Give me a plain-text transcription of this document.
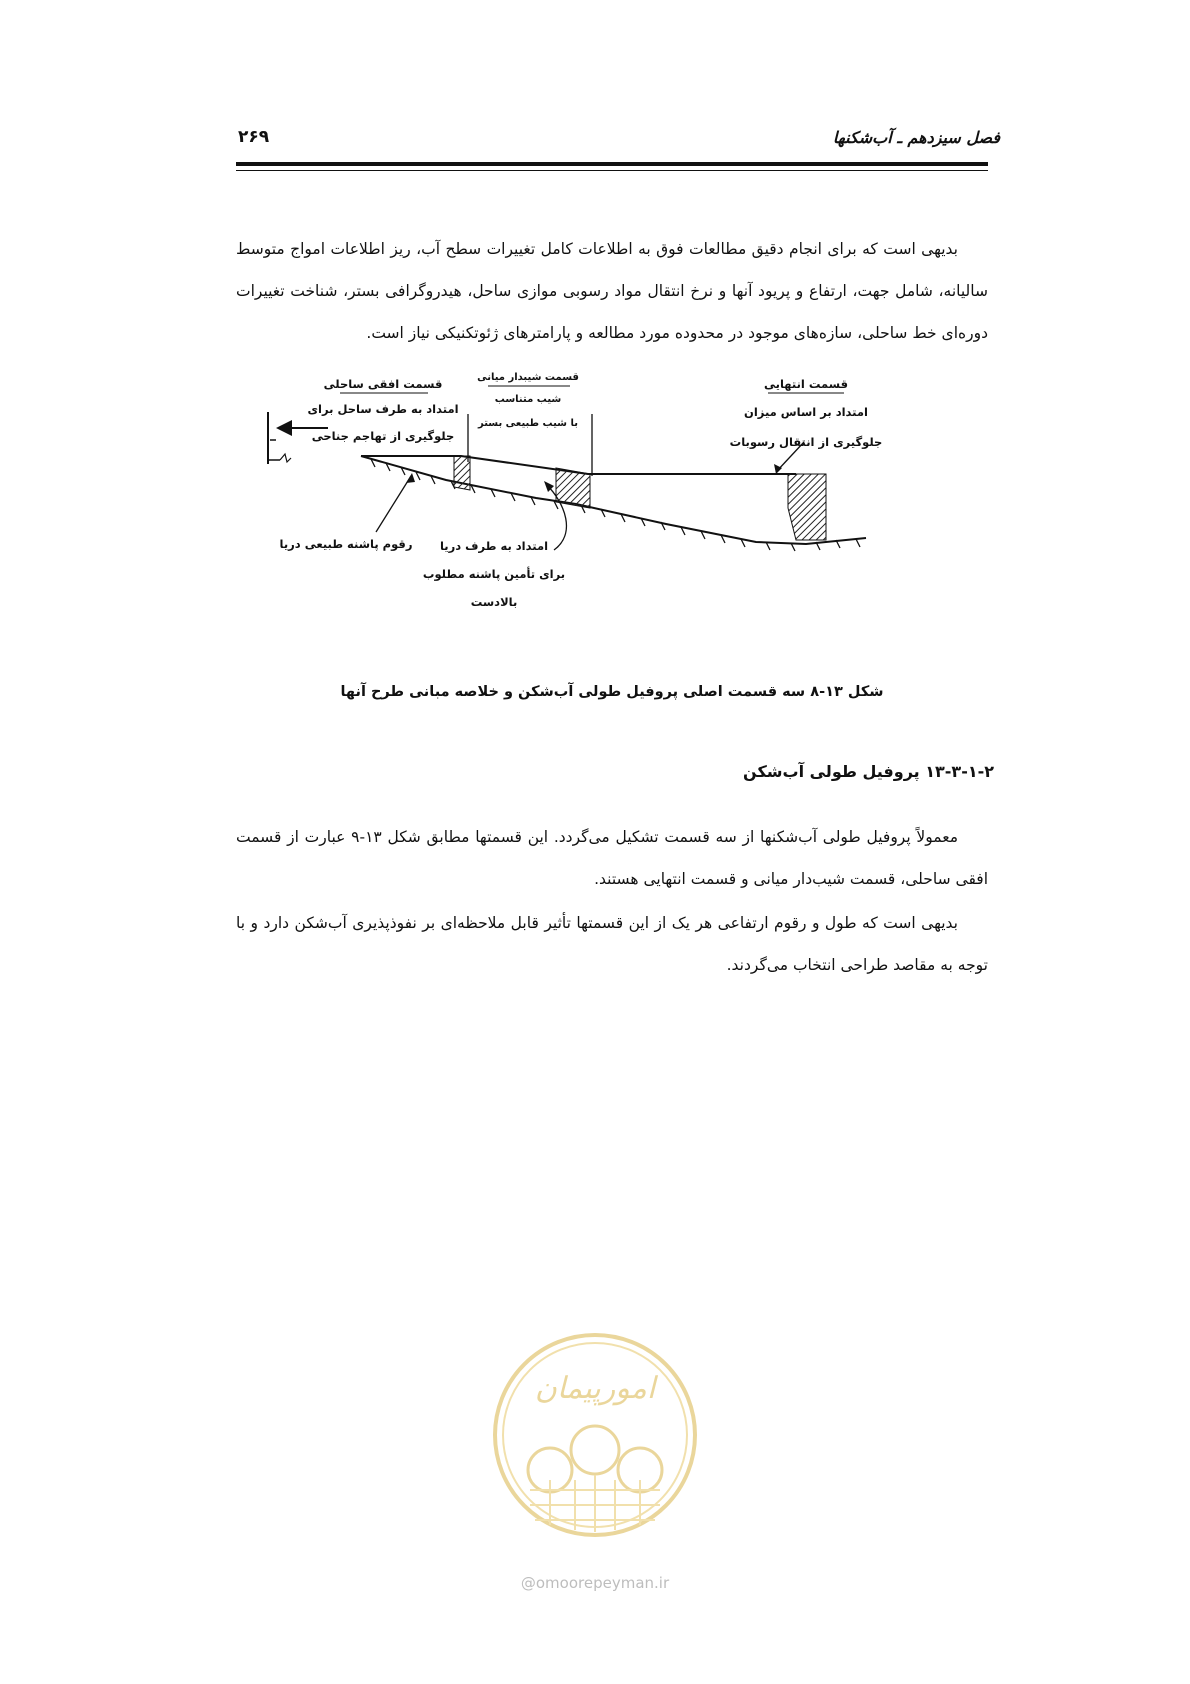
فصل سیزدهم ـ آب‌شکنها
۲۶۹

بدیهی است که برای انجام دقیق مطالعات فوق به اطلاعات کامل تغییرات سطح آب، ریز اطلاعات امواج متوسط سالیانه، شامل جهت، ارتفاع و پریود آنها و نرخ انتقال مواد رسوبی موازی ساحل، هیدروگرافی بستر، شناخت تغییرات دوره‌ای خط ساحلی، سازه‌های موجود در محدوده مورد مطالعه و پارامترهای ژئوتکنیکی نیاز است.

قسمت افقی ساحلی
امتداد به طرف ساحل برای
جلوگیری از تهاجم جناحی
قسمت شیبدار میانی
شیب متناسب
با شیب طبیعی بستر
قسمت انتهایی
امتداد بر اساس میزان
جلوگیری از انتقال رسوبات
رقوم پاشنه طبیعی دریا امتداد به طرف دریا
برای تأمین پاشنه مطلوب
بالادست
شکل ۱۳-۸ سه قسمت اصلی پروفیل طولی آب‌شکن و خلاصه مبانی طرح آنها
۱۳-۳-۱-۲ پروفیل طولی آب‌شکن

معمولاً پروفیل طولی آب‌شکنها از سه قسمت تشکیل می‌گردد. این قسمتها مطابق شکل ۱۳-۹ عبارت از قسمت افقی ساحلی، قسمت شیب‌دار میانی و قسمت انتهایی هستند.

بدیهی است که طول و رقوم ارتفاعی هر یک از این قسمتها تأثیر قابل ملاحظه‌ای بر نفوذپذیری آب‌شکن دارد و با توجه به مقاصد طراحی انتخاب می‌گردند.

امورپیمان
@omoorepeyman.ir
